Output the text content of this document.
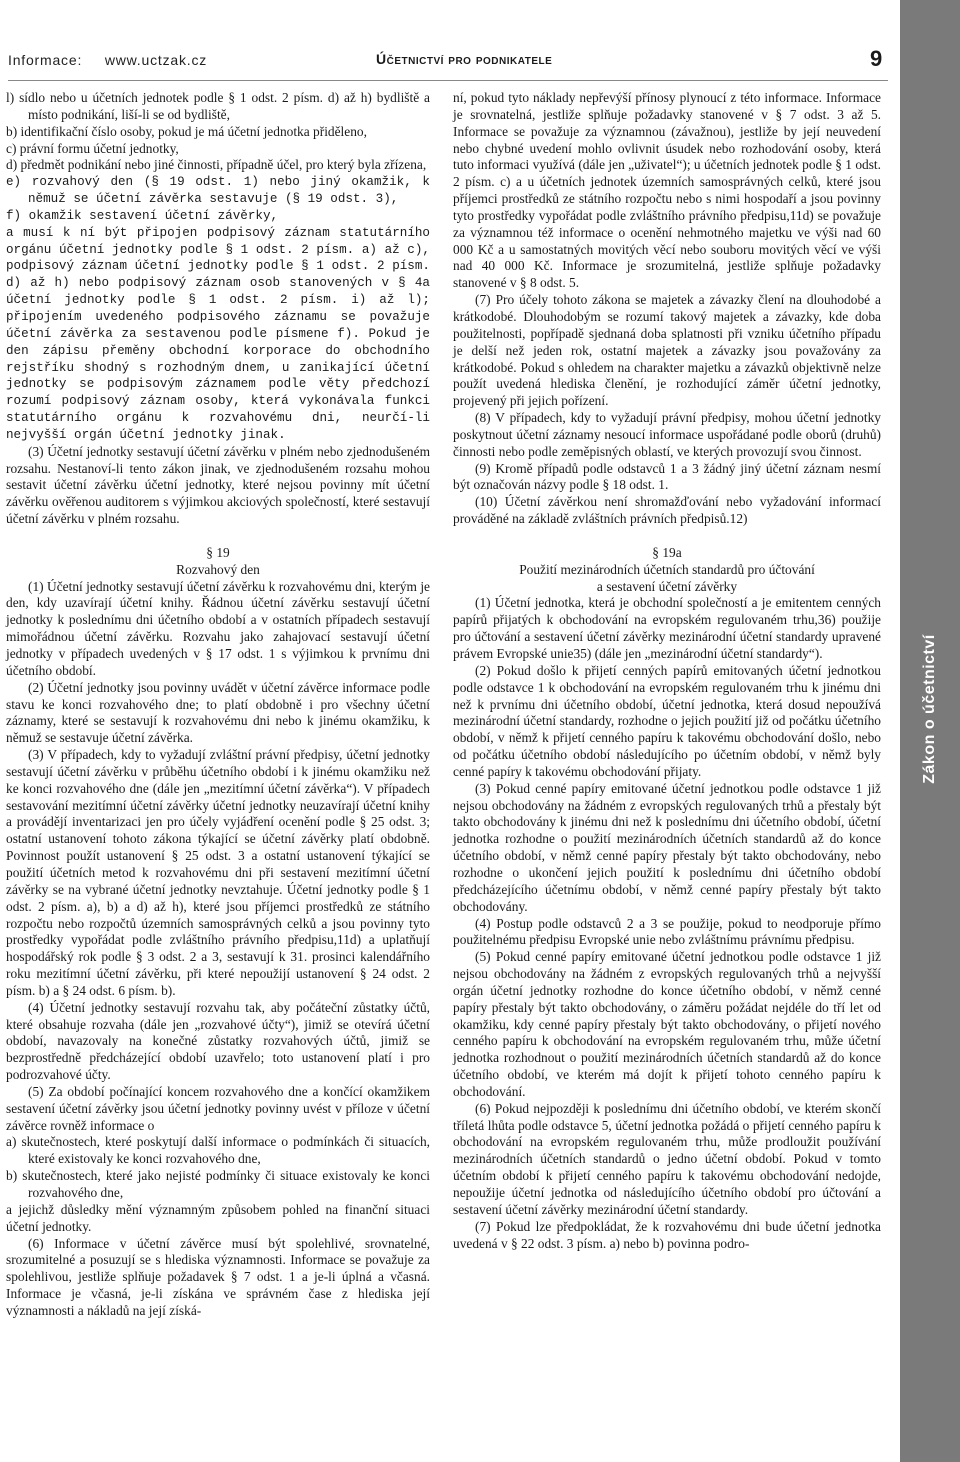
Informace: www.uctzak.cz	Účetnictví pro podnikatele	9
Zákon o účetnictví

l) sídlo nebo u účetních jednotek podle § 1 odst. 2 písm. d) až h) bydliště a místo podnikání, liší-li se od bydliště,

b) identifikační číslo osoby, pokud je má účetní jednotka přiděleno,

c) právní formu účetní jednotky,

d) předmět podnikání nebo jiné činnosti, případně účel, pro který byla zřízena,

e) rozvahový den (§ 19 odst. 1) nebo jiný okamžik, k němuž se účetní závěrka sestavuje (§ 19 odst. 3),

f) okamžik sestavení účetní závěrky,

a musí k ní být připojen podpisový záznam statutárního orgánu účetní jednotky podle § 1 odst. 2 písm. a) až c), podpisový záznam účetní jednotky podle § 1 odst. 2 písm. d) až h) nebo podpisový záznam osob stanovených v § 4a účetní jednotky podle § 1 odst. 2 písm. i) až l); připojením uvedeného podpisového záznamu se považuje účetní závěrka za sestavenou podle písmene f). Pokud je den zápisu přeměny obchodní korporace do obchodního rejstříku shodný s rozhodným dnem, u zanikající účetní jednotky se podpisovým záznamem podle věty předchozí rozumí podpisový záznam osoby, která vykonávala funkci statutárního orgánu k rozvahovému dni, neurčí-li nejvyšší orgán účetní jednotky jinak.

(3) Účetní jednotky sestavují účetní závěrku v plném nebo zjednodušeném rozsahu. Nestanoví-li tento zákon jinak, ve zjednodušeném rozsahu mohou sestavit účetní závěrku účetní jednotky, které nejsou povinny mít účetní závěrku ověřenou auditorem s výjimkou akciových společností, které sestavují účetní závěrku v plném rozsahu.

§ 19

Rozvahový den

(1) Účetní jednotky sestavují účetní závěrku k rozvahovému dni, kterým je den, kdy uzavírají účetní knihy. Řádnou účetní závěrku sestavují účetní jednotky k poslednímu dni účetního období a v ostatních případech sestavují mimořádnou účetní závěrku. Rozvahu jako zahajovací sestavují účetní jednotky v případech uvedených v § 17 odst. 1 s výjimkou k prvnímu dni účetního období.

(2) Účetní jednotky jsou povinny uvádět v účetní závěrce informace podle stavu ke konci rozvahového dne; to platí obdobně i pro všechny účetní záznamy, které se sestavují k rozvahovému dni nebo k jinému okamžiku, k němuž se sestavuje účetní závěrka.

(3) V případech, kdy to vyžadují zvláštní právní předpisy, účetní jednotky sestavují účetní závěrku v průběhu účetního období i k jinému okamžiku než ke konci rozvahového dne (dále jen „mezitímní účetní závěrka“). V případech sestavování mezitímní účetní závěrky účetní jednotky neuzavírají účetní knihy a provádějí inventarizaci jen pro účely vyjádření ocenění podle § 25 odst. 3; ostatní ustanovení tohoto zákona týkající se účetní závěrky platí obdobně. Povinnost použít ustanovení § 25 odst. 3 a ostatní ustanovení týkající se použití účetních metod k rozvahovému dni při sestavení mezitímní účetní závěrky se na vybrané účetní jednotky nevztahuje. Účetní jednotky podle § 1 odst. 2 písm. a), b) a d) až h), které jsou příjemci prostředků ze státního rozpočtu nebo rozpočtů územních samosprávných celků a jsou povinny tyto prostředky vypořádat podle zvláštního právního předpisu,11d) a uplatňují hospodářský rok podle § 3 odst. 2 a 3, sestavují k 31. prosinci kalendářního roku mezitímní účetní závěrku, při které nepoužijí ustanovení § 24 odst. 2 písm. b) a § 24 odst. 6 písm. b).

(4) Účetní jednotky sestavují rozvahu tak, aby počáteční zůstatky účtů, které obsahuje rozvaha (dále jen „rozvahové účty“), jimiž se otevírá účetní období, navazovaly na konečné zůstatky rozvahových účtů, jimiž se bezprostředně předcházející období uzavřelo; toto ustanovení platí i pro podrozvahové účty.

(5) Za období počínající koncem rozvahového dne a končící okamžikem sestavení účetní závěrky jsou účetní jednotky povinny uvést v příloze v účetní závěrce rovněž informace o

a) skutečnostech, které poskytují další informace o podmínkách či situacích, které existovaly ke konci rozvahového dne,

b) skutečnostech, které jako nejisté podmínky či situace existovaly ke konci rozvahového dne,

a jejichž důsledky mění významným způsobem pohled na finanční situaci účetní jednotky.

(6) Informace v účetní závěrce musí být spolehlivé, srovnatelné, srozumitelné a posuzují se s hlediska významnosti. Informace se považuje za spolehlivou, jestliže splňuje požadavek § 7 odst. 1 a je-li úplná a včasná. Informace je včasná, je-li získána ve správném čase z hlediska její významnosti a nákladů na její získá-

ní, pokud tyto náklady nepřevýší přínosy plynoucí z této informace. Informace je srovnatelná, jestliže splňuje požadavky stanovené v § 7 odst. 3 až 5. Informace se považuje za významnou (závažnou), jestliže by její neuvedení nebo chybné uvedení mohlo ovlivnit úsudek nebo rozhodování osoby, která tuto informaci využívá (dále jen „uživatel“); u účetních jednotek podle § 1 odst. 2 písm. c) a u účetních jednotek územních samosprávných celků, které jsou příjemci prostředků ze státního rozpočtu nebo s nimi hospodaří a jsou povinny tyto prostředky vypořádat podle zvláštního právního předpisu,11d) se považuje za významnou též informace o ocenění nehmotného majetku ve výši nad 60 000 Kč a u samostatných movitých věcí nebo souboru movitých věcí ve výši nad 40 000 Kč. Informace je srozumitelná, jestliže splňuje požadavky stanovené v § 8 odst. 5.

(7) Pro účely tohoto zákona se majetek a závazky člení na dlouhodobé a krátkodobé. Dlouhodobým se rozumí takový majetek a závazky, kde doba použitelnosti, popřípadě sjednaná doba splatnosti při vzniku účetního případu je delší než jeden rok, ostatní majetek a závazky jsou považovány za krátkodobé. Pokud s ohledem na charakter majetku a závazků objektivně nelze použít uvedená hlediska členění, je rozhodující záměr účetní jednotky, projevený při jejich pořízení.

(8) V případech, kdy to vyžadují právní předpisy, mohou účetní jednotky poskytnout účetní záznamy nesoucí informace uspořádané podle oborů (druhů) činnosti nebo podle zeměpisných oblastí, ve kterých provozují svou činnost.

(9) Kromě případů podle odstavců 1 a 3 žádný jiný účetní záznam nesmí být označován názvy podle § 18 odst. 1.

(10) Účetní závěrkou není shromažďování nebo vyžadování informací prováděné na základě zvláštních právních předpisů.12)

§ 19a

Použití mezinárodních účetních standardů pro účtování

a sestavení účetní závěrky

(1) Účetní jednotka, která je obchodní společností a je emitentem cenných papírů přijatých k obchodování na evropském regulovaném trhu,36) použije pro účtování a sestavení účetní závěrky mezinárodní účetní standardy upravené právem Evropské unie35) (dále jen „mezinárodní účetní standardy“).

(2) Pokud došlo k přijetí cenných papírů emitovaných účetní jednotkou podle odstavce 1 k obchodování na evropském regulovaném trhu k jinému dni než k prvnímu dni účetního období, účetní jednotka, která dosud nepoužívá mezinárodní účetní standardy, rozhodne o jejich použití již od počátku účetního období, v němž k přijetí cenného papíru k takovému obchodování došlo, nebo od počátku účetního období následujícího po účetním období, v němž byly cenné papíry k takovému obchodování přijaty.

(3) Pokud cenné papíry emitované účetní jednotkou podle odstavce 1 již nejsou obchodovány na žádném z evropských regulovaných trhů a přestaly být takto obchodovány k jinému dni než k poslednímu dni účetního období, účetní jednotka rozhodne o použití mezinárodních účetních standardů až do konce účetního období, v němž cenné papíry přestaly být takto obchodovány, nebo rozhodne o ukončení jejich použití k poslednímu dni účetního období předcházejícího účetnímu období, v němž cenné papíry přestaly být takto obchodovány.

(4) Postup podle odstavců 2 a 3 se použije, pokud to neodporuje přímo použitelnému předpisu Evropské unie nebo zvláštnímu právnímu předpisu.

(5) Pokud cenné papíry emitované účetní jednotkou podle odstavce 1 již nejsou obchodovány na žádném z evropských regulovaných trhů a nejvyšší orgán účetní jednotky rozhodne do konce účetního období, v němž cenné papíry přestaly být takto obchodovány, o záměru požádat nejdéle do tří let od okamžiku, kdy cenné papíry přestaly být takto obchodovány, o přijetí nového cenného papíru k obchodování na evropském regulovaném trhu, může účetní jednotka rozhodnout o použití mezinárodních účetních standardů až do konce účetního období, ve kterém má dojít k přijetí tohoto cenného papíru k obchodování.

(6) Pokud nejpozději k poslednímu dni účetního období, ve kterém skončí tříletá lhůta podle odstavce 5, účetní jednotka požádá o přijetí cenného papíru k obchodování na evropském regulovaném trhu, může prodloužit používání mezinárodních účetních standardů o jedno účetní období. Pokud v tomto účetním období k přijetí cenného papíru k takovému obchodování nedojde, nepoužije účetní jednotka od následujícího účetního období pro účtování a sestavení účetní závěrky mezinárodní účetní standardy.

(7) Pokud lze předpokládat, že k rozvahovému dni bude účetní jednotka uvedená v § 22 odst. 3 písm. a) nebo b) povinna podro-
